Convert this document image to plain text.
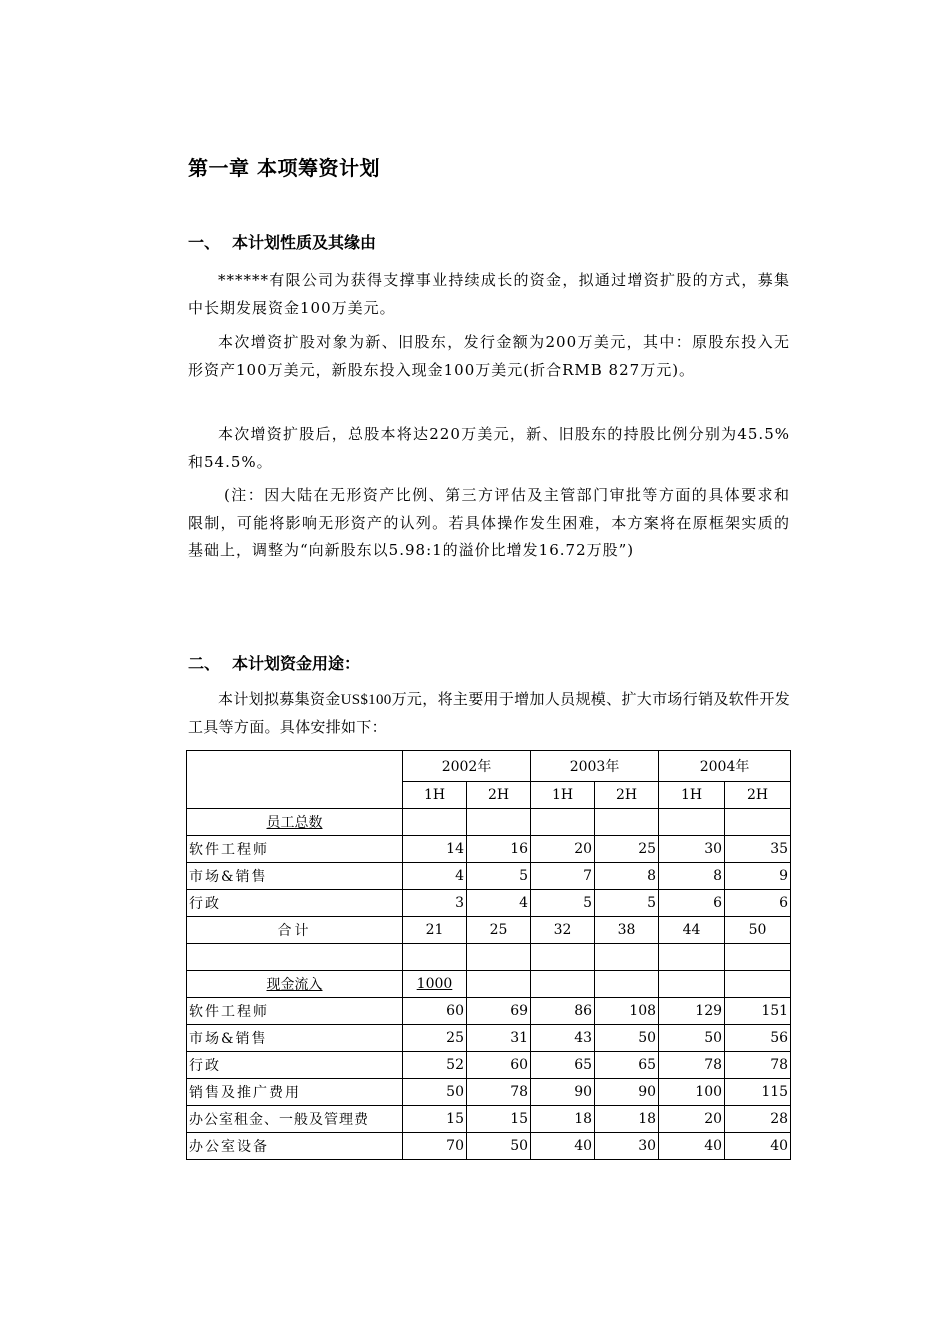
第一章 本项筹资计划
一、 本计划性质及其缘由

******有限公司为获得支撑事业持续成长的资金，拟通过增资扩股的方式，募集中长期发展资金100万美元。

本次增资扩股对象为新、旧股东，发行金额为200万美元，其中：原股东投入无形资产100万美元，新股东投入现金100万美元(折合RMB 827万元)。

本次增资扩股后，总股本将达220万美元，新、旧股东的持股比例分别为45.5%和54.5%。

(注：因大陆在无形资产比例、第三方评估及主管部门审批等方面的具体要求和限制，可能将影响无形资产的认列。若具体操作发生困难，本方案将在原框架实质的基础上，调整为“向新股东以5.98:1的溢价比增发16.72万股”)

二、 本计划资金用途：

本计划拟募集资金US$100万元，将主要用于增加人员规模、扩大市场行销及软件开发工具等方面。具体安排如下：

	2002年		2003年		2004年	
	1H	2H	1H	2H	1H	2H
员工总数						
软件工程师	14	16	20	25	30	35
市场&销售	4	5	7	8	8	9
行政	3	4	5	5	6	6
合计	21	25	32	38	44	50

现金流入	1000					
软件工程师	60	69	86	108	129	151
市场&销售	25	31	43	50	50	56
行政	52	60	65	65	78	78
销售及推广费用	50	78	90	90	100	115
办公室租金、一般及管理费	15	15	18	18	20	28
办公室设备	70	50	40	30	40	40
